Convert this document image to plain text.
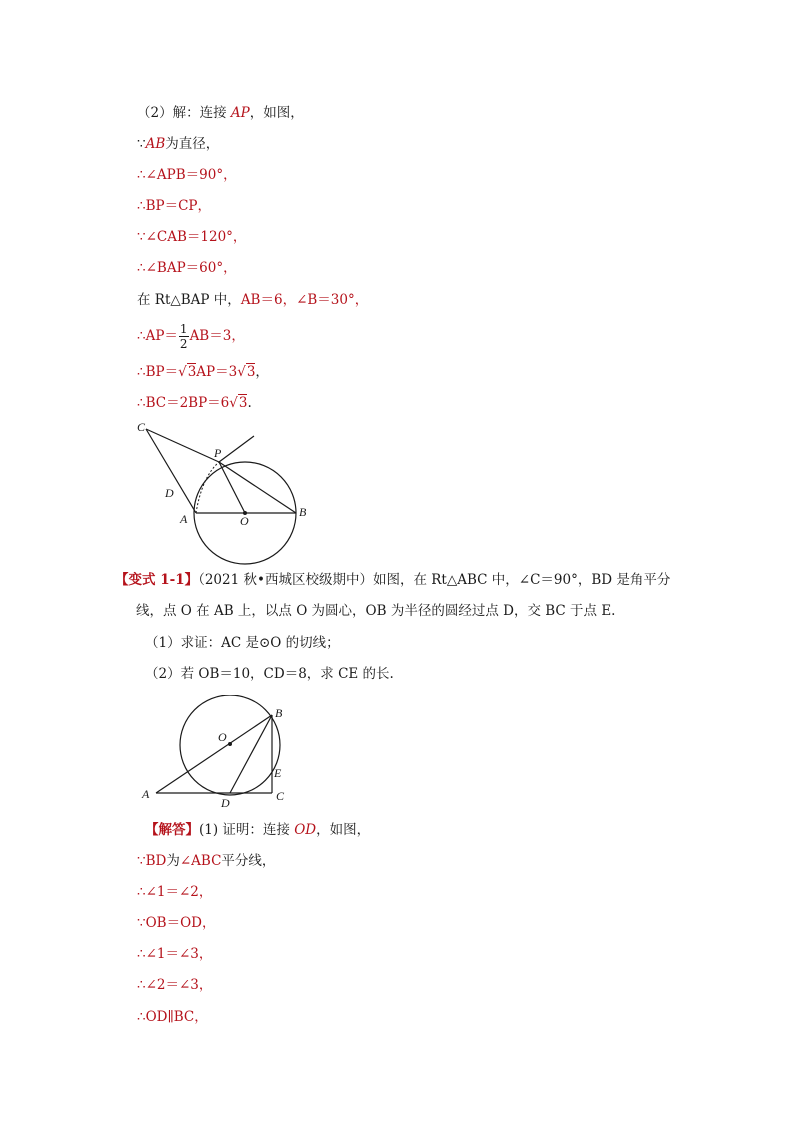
（2）解：连接 AP，如图，
∵AB为直径，
∴∠APB＝90°，
∴BP＝CP，
∵∠CAB＝120°，
∴∠BAP＝60°，
在 Rt△BAP 中，AB＝6，∠B＝30°，
∴AP＝ $\frac{1}{2} AB=3$，
∴BP＝√3AP＝3√3，
∴BC＝2BP＝6√3.
C
P
D
A	O
B
【变式 1-1】（2021 秋•西城区校级期中）如图，在 Rt△ABC 中，∠C＝90°，BD 是角平分
线，点 O 在 AB 上，以点 O 为圆心，OB 为半径的圆经过点 D，交 BC 于点 E.
（1）求证：AC 是⊙O 的切线；
（2）若 OB＝10，CD＝8，求 CE 的长.
B
O
E
A
D	C
【解答】(1) 证明：连接 OD，如图，
∵BD为∠ABC平分线，
∴∠1＝∠2，
∵OB＝OD，
∴∠1＝∠3，
∴∠2＝∠3，
∴OD∥BC，
